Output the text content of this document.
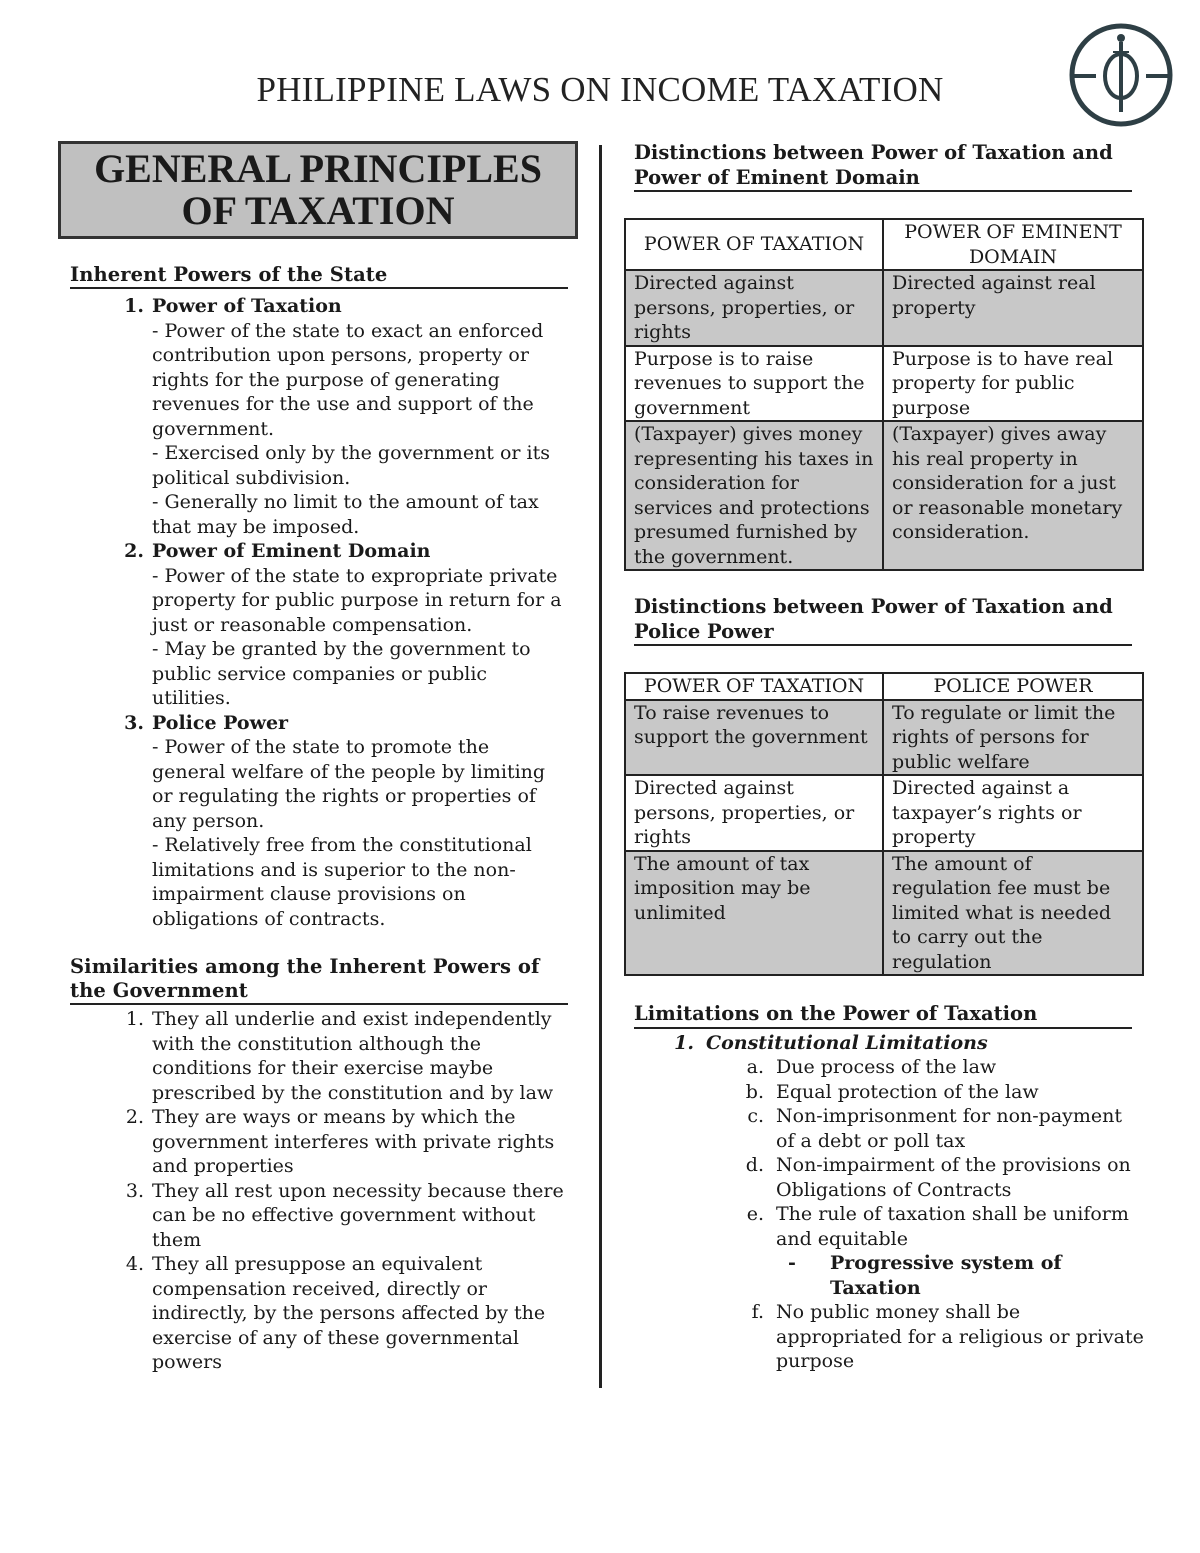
PHILIPPINE LAWS ON INCOME TAXATION
GENERAL PRINCIPLES
OF TAXATION
Inherent Powers of the State
1. Power of Taxation
- Power of the state to exact an enforced contribution upon persons, property or rights for the purpose of generating revenues for the use and support of the government.
- Exercised only by the government or its political subdivision.
- Generally no limit to the amount of tax that may be imposed.
2. Power of Eminent Domain
- Power of the state to expropriate private property for public purpose in return for a just or reasonable compensation.
- May be granted by the government to public service companies or public utilities.
3. Police Power
- Power of the state to promote the general welfare of the people by limiting or regulating the rights or properties of any person.
- Relatively free from the constitutional limitations and is superior to the non-impairment clause provisions on obligations of contracts.
Similarities among the Inherent Powers of the Government
1. They all underlie and exist independently with the constitution although the conditions for their exercise maybe prescribed by the constitution and by law
2. They are ways or means by which the government interferes with private rights and properties
3. They all rest upon necessity because there can be no effective government without them
4. They all presuppose an equivalent compensation received, directly or indirectly, by the persons affected by the exercise of any of these governmental powers
Distinctions between Power of Taxation and Power of Eminent Domain
POWER OF TAXATION	POWER OF EMINENT DOMAIN
Directed against persons, properties, or rights	Directed against real property
Purpose is to raise revenues to support the government	Purpose is to have real property for public purpose
(Taxpayer) gives money representing his taxes in consideration for services and protections presumed furnished by the government.	(Taxpayer) gives away his real property in consideration for a just or reasonable monetary consideration.
Distinctions between Power of Taxation and Police Power
POWER OF TAXATION	POLICE POWER
To raise revenues to support the government	To regulate or limit the rights of persons for public welfare
Directed against persons, properties, or rights	Directed against a taxpayer’s rights or property
The amount of tax imposition may be unlimited	The amount of regulation fee must be limited what is needed to carry out the regulation
Limitations on the Power of Taxation
1. Constitutional Limitations
a. Due process of the law
b. Equal protection of the law
c. Non-imprisonment for non-payment of a debt or poll tax
d. Non-impairment of the provisions on Obligations of Contracts
e. The rule of taxation shall be uniform and equitable
- Progressive system of Taxation
f. No public money shall be appropriated for a religious or private purpose
